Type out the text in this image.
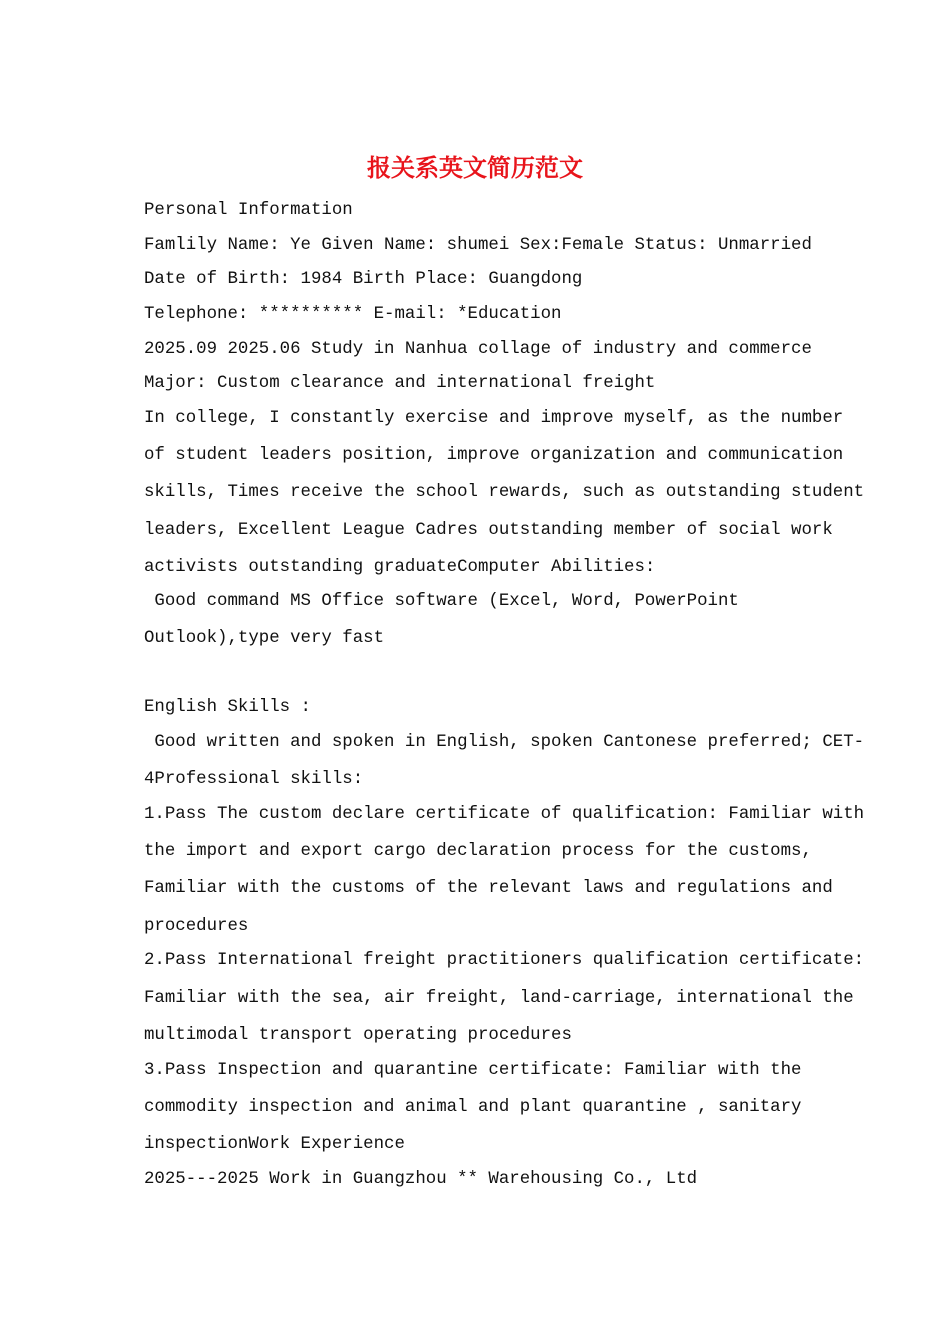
报关系英文简历范文
Personal Information
Famlily Name: Ye Given Name: shumei Sex:Female Status: Unmarried
Date of Birth: 1984 Birth Place: Guangdong
Telephone: ********** E-mail: *Education
2025.09 2025.06 Study in Nanhua collage of industry and commerce
Major: Custom clearance and international freight
In college, I constantly exercise and improve myself, as the number
of student leaders position, improve organization and communication
skills, Times receive the school rewards, such as outstanding student
leaders, Excellent League Cadres outstanding member of social work
activists outstanding graduateComputer Abilities:
Good command MS Office software (Excel, Word, PowerPoint
Outlook),type very fast
English Skills :
Good written and spoken in English, spoken Cantonese preferred; CET-
4Professional skills:
1.Pass The custom declare certificate of qualification: Familiar with
the import and export cargo declaration process for the customs,
Familiar with the customs of the relevant laws and regulations and
procedures
2.Pass International freight practitioners qualification certificate:
Familiar with the sea, air freight, land-carriage, international the
multimodal transport operating procedures
3.Pass Inspection and quarantine certificate: Familiar with the
commodity inspection and animal and plant quarantine , sanitary
inspectionWork Experience
2025---2025 Work in Guangzhou ** Warehousing Co., Ltd
